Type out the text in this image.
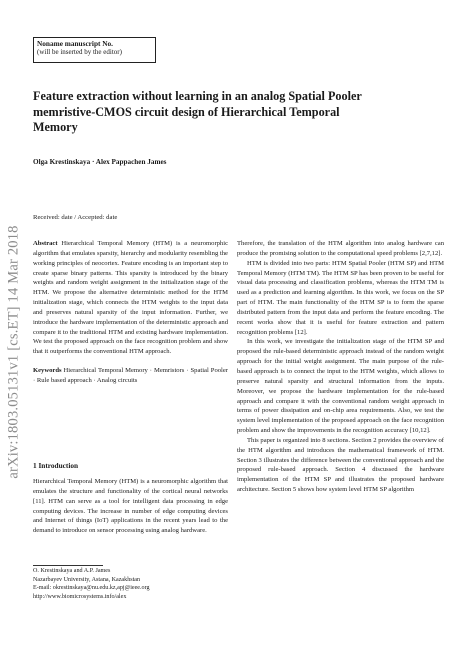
Noname manuscript No.
(will be inserted by the editor)
Feature extraction without learning in an analog Spatial Pooler
memristive-CMOS circuit design of Hierarchical Temporal
Memory
Olga Krestinskaya · Alex Pappachen James
Received: date / Accepted: date
arXiv:1803.05131v1 [cs.ET] 14 Mar 2018 Abstract Hierarchical Temporal Memory (HTM) is a neuromorphic algorithm that emulates sparsity, hierarchy and modularity resembling the working principles of neocortex. Feature encoding is an important step to create sparse binary patterns. This sparsity is introduced by the binary weights and random weight assignment in the initialization stage of the HTM. We propose the alternative deterministic method for the HTM initialization stage, which connects the HTM weights to the input data and preserves natural sparsity of the input information. Further, we introduce the hardware implementation of the deterministic approach and compare it to the traditional HTM and existing hardware implementation. We test the proposed approach on the face recognition problem and show that it outperforms the conventional HTM approach.

Keywords Hierarchical Temporal Memory · Memristors · Spatial Pooler · Rule based approach · Analog circuits

1 Introduction

Hierarchical Temporal Memory (HTM) is a neuromorphic algorithm that emulates the structure and functionality of the cortical neural networks [11]. HTM can serve as a tool for intelligent data processing in edge computing devices. The increase in number of edge computing devices and Internet of things (IoT) applications in the recent years lead to the demand to introduce on sensor processing using analog hardware.

O. Krestinskaya and A.P. James
Nazarbayev University, Astana, Kazakhstan
E-mail: okrestinskaya@nu.edu.kz,apj@ieee.org
http://www.biomicrosystems.info/alex

Therefore, the translation of the HTM algorithm into analog hardware can produce the promising solution to the computational speed problems [2,7,12].

HTM is divided into two parts: HTM Spatial Pooler (HTM SP) and HTM Temporal Memory (HTM TM). The HTM SP has been proven to be useful for visual data processing and classification problems, whereas the HTM TM is used as a prediction and learning algorithm. In this work, we focus on the SP part of HTM. The main functionality of the HTM SP is to form the sparse distributed pattern from the input data and perform the feature encoding. The recent works show that it is useful for feature extraction and pattern recognition problems [12].

In this work, we investigate the initialization stage of the HTM SP and proposed the rule-based deterministic approach instead of the random weight approach for the initial weight assignment. The main purpose of the rule-based approach is to connect the input to the HTM weights, which allows to preserve natural sparsity and structural information from the inputs. Moreover, we propose the hardware implementation for the rule-based approach and compare it with the conventional random weight approach in terms of power dissipation and on-chip area requirements. Also, we test the system level implementation of the proposed approach on the face recognition problem and show the improvements in the recognition accuracy [10,12].

This paper is organized into 8 sections. Section 2 provides the overview of the HTM algorithm and introduces the mathematical framework of HTM. Section 3 illustrates the difference between the conventional approach and the proposed rule-based approach. Section 4 discussed the hardware implementation of the HTM SP and illustrates the proposed hardware architecture. Section 5 shows how system level HTM SP algorithm
